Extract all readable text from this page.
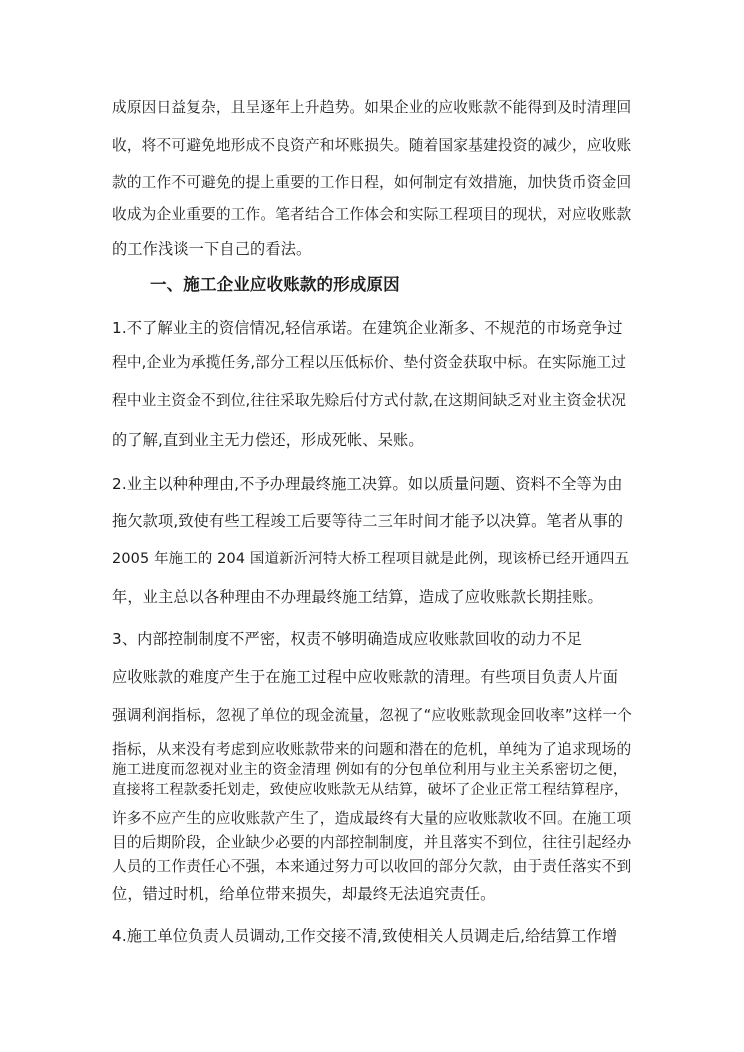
成原因日益复杂，且呈逐年上升趋势。如果企业的应收账款不能得到及时清理回
收，将不可避免地形成不良资产和坏账损失。随着国家基建投资的减少，应收账
款的工作不可避免的提上重要的工作日程，如何制定有效措施，加快货币资金回
收成为企业重要的工作。笔者结合工作体会和实际工程项目的现状，对应收账款
的工作浅谈一下自己的看法。
一、施工企业应收账款的形成原因
1.不了解业主的资信情况,轻信承诺。在建筑企业渐多、不规范的市场竞争过
程中,企业为承揽任务,部分工程以压低标价、垫付资金获取中标。在实际施工过
程中业主资金不到位,往往采取先赊后付方式付款,在这期间缺乏对业主资金状况
的了解,直到业主无力偿还，形成死帐、呆账。
2.业主以种种理由,不予办理最终施工决算。如以质量问题、资料不全等为由
拖欠款项,致使有些工程竣工后要等待二三年时间才能予以决算。笔者从事的
2005 年施工的 204 国道新沂河特大桥工程项目就是此例，现该桥已经开通四五
年，业主总以各种理由不办理最终施工结算，造成了应收账款长期挂账。
3、内部控制制度不严密，权责不够明确造成应收账款回收的动力不足
应收账款的难度产生于在施工过程中应收账款的清理。有些项目负责人片面
强调利润指标，忽视了单位的现金流量，忽视了“应收账款现金回收率”这样一个
指标，从来没有考虑到应收账款带来的问题和潜在的危机，单纯为了追求现场的
施工进度而忽视对业主的资金清理 例如有的分包单位利用与业主关系密切之便，
直接将工程款委托划走，致使应收账款无从结算，破坏了企业正常工程结算程序，
许多不应产生的应收账款产生了，造成最终有大量的应收账款收不回。在施工项
目的后期阶段，企业缺少必要的内部控制制度，并且落实不到位，往往引起经办
人员的工作责任心不强，本来通过努力可以收回的部分欠款，由于责任落实不到
位，错过时机，给单位带来损失，却最终无法追究责任。
4.施工单位负责人员调动,工作交接不清,致使相关人员调走后,给结算工作增
